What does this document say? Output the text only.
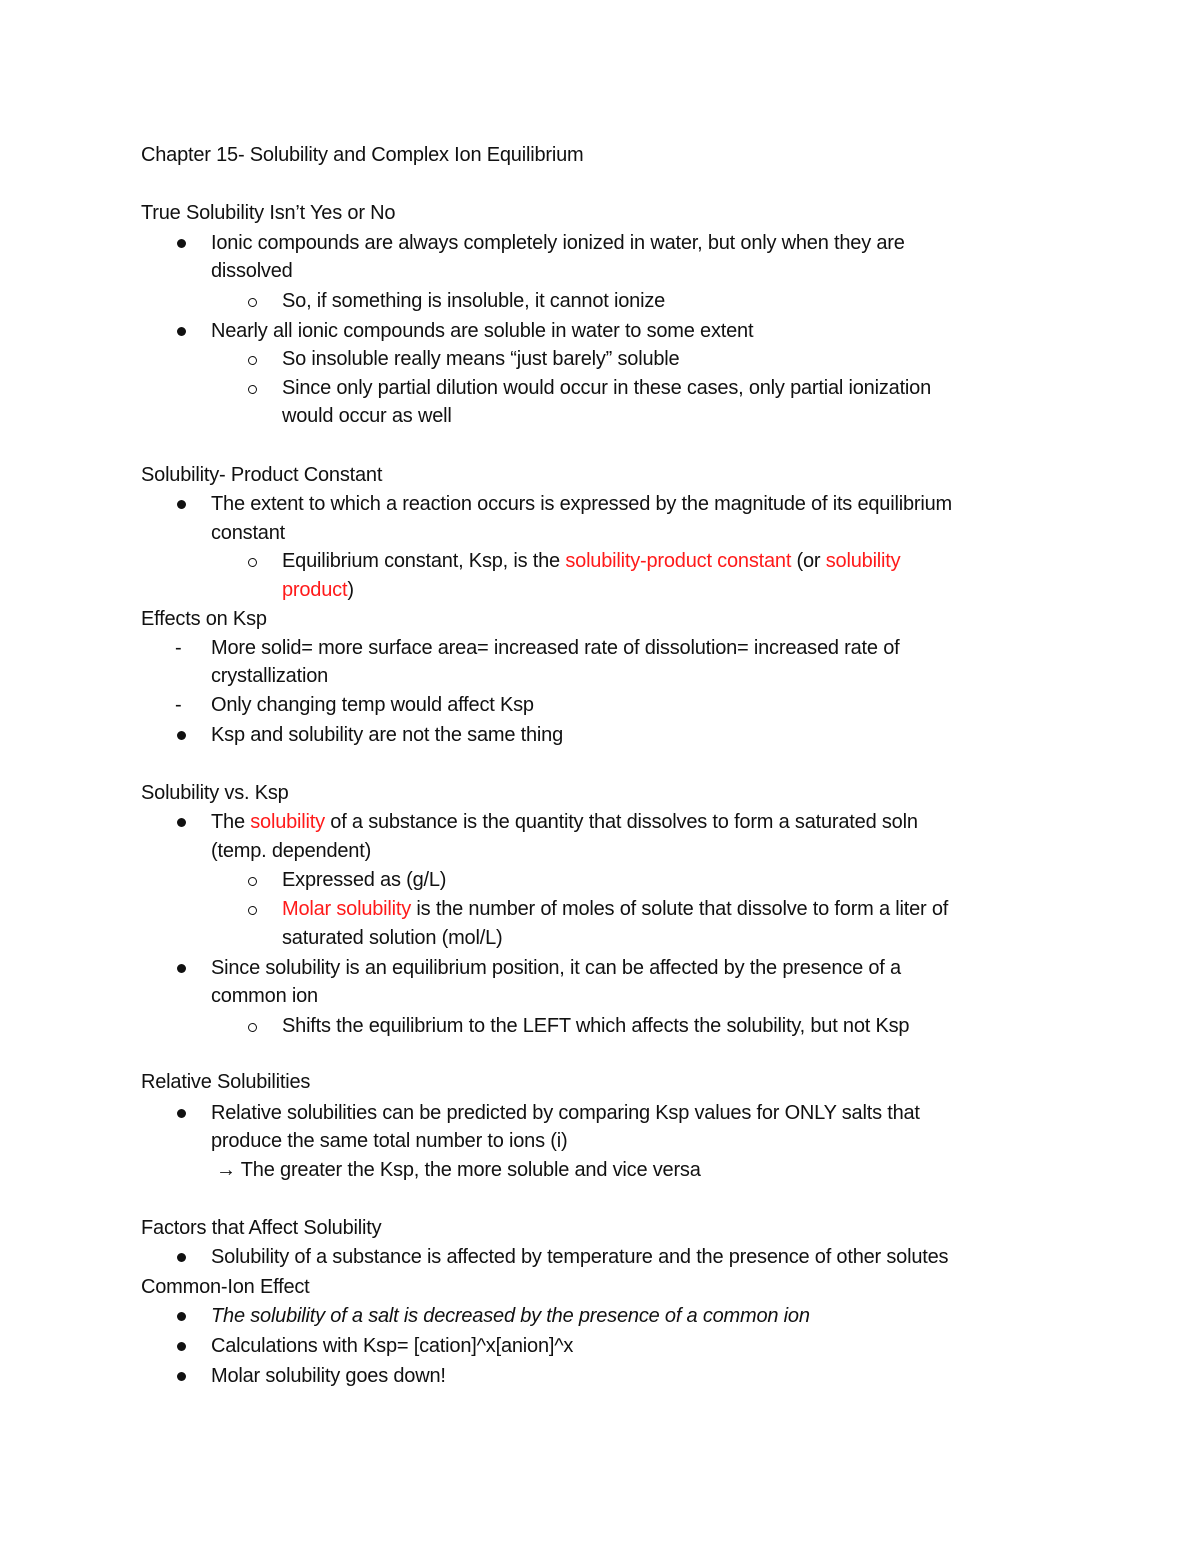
Chapter 15- Solubility and Complex Ion Equilibrium
True Solubility Isn’t Yes or No
Ionic compounds are always completely ionized in water, but only when they are
dissolved
So, if something is insoluble, it cannot ionize
Nearly all ionic compounds are soluble in water to some extent
So insoluble really means “just barely” soluble
Since only partial dilution would occur in these cases, only partial ionization
would occur as well
Solubility- Product Constant
The extent to which a reaction occurs is expressed by the magnitude of its equilibrium
constant
Equilibrium constant, Ksp, is the solubility-product constant (or solubility
product)
Effects on Ksp
- More solid= more surface area= increased rate of dissolution= increased rate of
crystallization
- Only changing temp would affect Ksp
Ksp and solubility are not the same thing
Solubility vs. Ksp
The solubility of a substance is the quantity that dissolves to form a saturated soln
(temp. dependent)
Expressed as (g/L)
Molar solubility is the number of moles of solute that dissolve to form a liter of
saturated solution (mol/L)
Since solubility is an equilibrium position, it can be affected by the presence of a
common ion
Shifts the equilibrium to the LEFT which affects the solubility, but not Ksp
Relative Solubilities
Relative solubilities can be predicted by comparing Ksp values for ONLY salts that
produce the same total number to ions (i)
→ The greater the Ksp, the more soluble and vice versa
Factors that Affect Solubility
Solubility of a substance is affected by temperature and the presence of other solutes
Common-Ion Effect
The solubility of a salt is decreased by the presence of a common ion
Calculations with Ksp= [cation]^x[anion]^x
Molar solubility goes down!
